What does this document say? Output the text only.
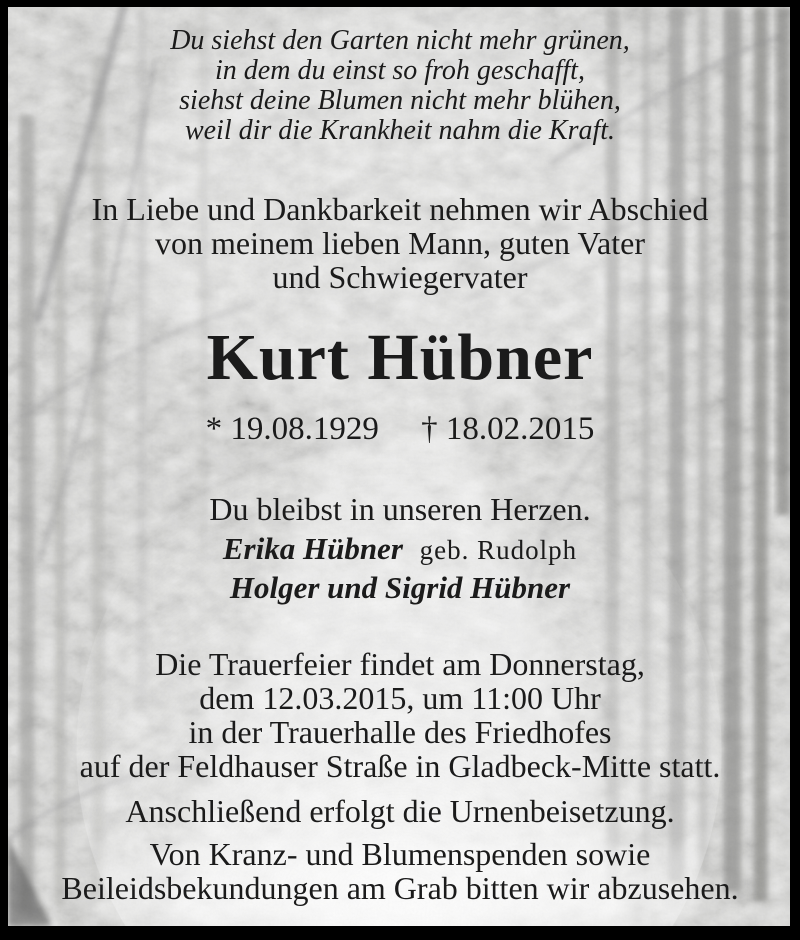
Du siehst den Garten nicht mehr grünen,
in dem du einst so froh geschafft,
siehst deine Blumen nicht mehr blühen,
weil dir die Krankheit nahm die Kraft.
In Liebe und Dankbarkeit nehmen wir Abschied
von meinem lieben Mann, guten Vater
und Schwiegervater
Kurt Hübner
* 19.08.1929 † 18.02.2015
Du bleibst in unseren Herzen.
Erika Hübner geb. Rudolph
Holger und Sigrid Hübner
Die Trauerfeier findet am Donnerstag,
dem 12.03.2015, um 11:00 Uhr
in der Trauerhalle des Friedhofes
auf der Feldhauser Straße in Gladbeck-Mitte statt.
Anschließend erfolgt die Urnenbeisetzung.
Von Kranz- und Blumenspenden sowie
Beileidsbekundungen am Grab bitten wir abzusehen.
